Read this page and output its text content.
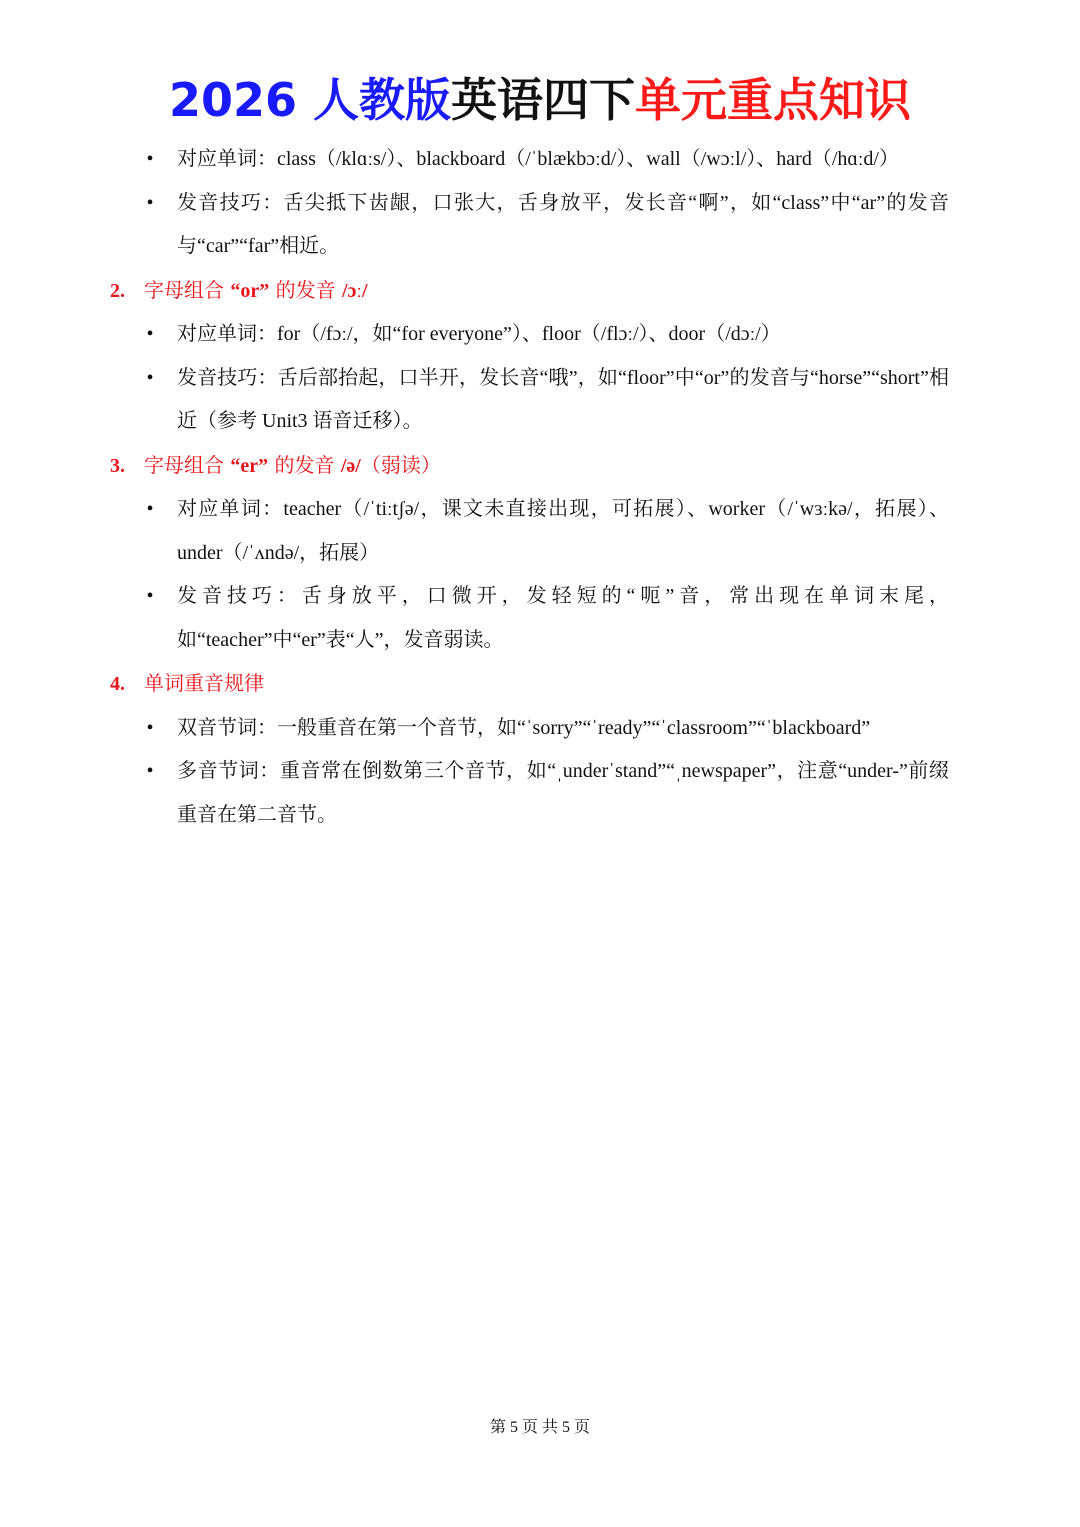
2026 人教版英语四下单元重点知识
• 对应单词：class（/klɑːs/）、blackboard（/ˈblækbɔːd/）、wall（/wɔːl/）、hard（/hɑːd/）
• 发音技巧：舌尖抵下齿龈，口张大，舌身放平，发长音“啊”，如“class”中“ar”的发音与“car”“far”相近。
2. 字母组合 “or” 的发音 /ɔː/
• 对应单词：for（/fɔː/，如“for everyone”）、floor（/flɔː/）、door（/dɔː/）
• 发音技巧：舌后部抬起，口半开，发长音“哦”，如“floor”中“or”的发音与“horse”“short”相近（参考 Unit3 语音迁移）。
3. 字母组合 “er” 的发音 /ə/（弱读）
• 对应单词：teacher（/ˈtiːtʃə/，课文未直接出现，可拓展）、worker（/ˈwɜːkə/，拓展）、under（/ˈʌndə/，拓展）
• 发音技巧：舌身放平，口微开，发轻短的“呃”音，常出现在单词末尾，如“teacher”中“er”表“人”，发音弱读。
4. 单词重音规律
• 双音节词：一般重音在第一个音节，如“ˈsorry”“ˈready”“ˈclassroom”“ˈblackboard”
• 多音节词：重音常在倒数第三个音节，如“ˌunderˈstand”“ˌnewspaper”，注意“under-”前缀重音在第二音节。
第 5 页 共 5 页
